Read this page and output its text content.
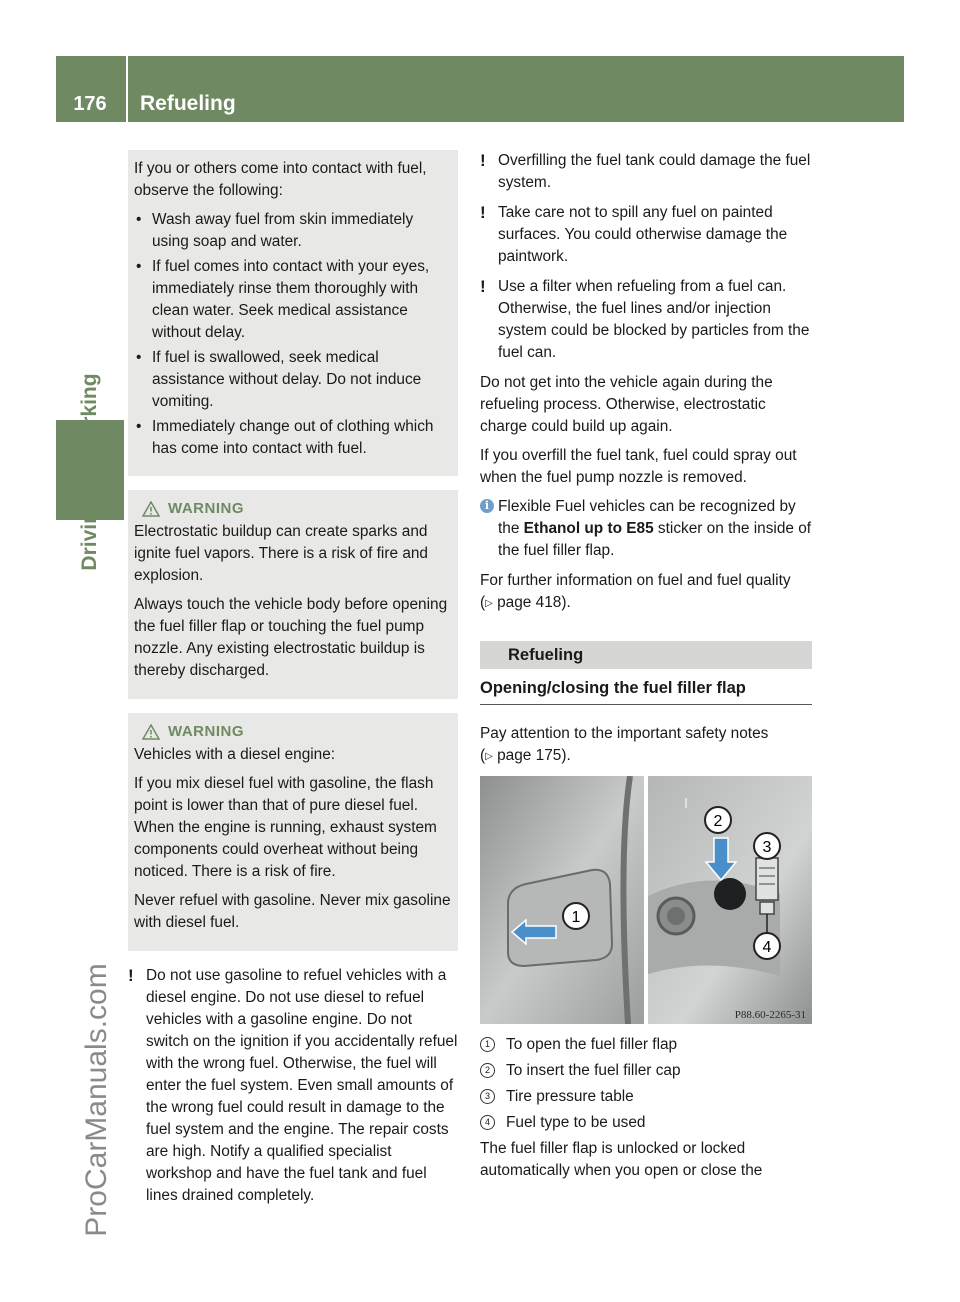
176	Refueling
Driving and parking
ProCarManuals.com

If you or others come into contact with fuel, observe the following:

• Wash away fuel from skin immediately using soap and water.
• If fuel comes into contact with your eyes, immediately rinse them thoroughly with clean water. Seek medical assistance without delay.
• If fuel is swallowed, seek medical assistance without delay. Do not induce vomiting.
• Immediately change out of clothing which has come into contact with fuel.
WARNING

Electrostatic buildup can create sparks and ignite fuel vapors. There is a risk of fire and explosion.

Always touch the vehicle body before opening the fuel filler flap or touching the fuel pump nozzle. Any existing electrostatic buildup is thereby discharged.

WARNING

Vehicles with a diesel engine:

If you mix diesel fuel with gasoline, the flash point is lower than that of pure diesel fuel. When the engine is running, exhaust system components could overheat without being noticed. There is a risk of fire.

Never refuel with gasoline. Never mix gasoline with diesel fuel.

! Do not use gasoline to refuel vehicles with a diesel engine. Do not use diesel to refuel vehicles with a gasoline engine. Do not switch on the ignition if you accidentally refuel with the wrong fuel. Otherwise, the fuel will enter the fuel system. Even small amounts of the wrong fuel could result in damage to the fuel system and the engine. The repair costs are high. Notify a qualified specialist workshop and have the fuel tank and fuel lines drained completely.
! Overfilling the fuel tank could damage the fuel system.
! Take care not to spill any fuel on painted surfaces. You could otherwise damage the paintwork.
! Use a filter when refueling from a fuel can. Otherwise, the fuel lines and/or injection system could be blocked by particles from the fuel can.

Do not get into the vehicle again during the refueling process. Otherwise, electrostatic charge could build up again.

If you overfill the fuel tank, fuel could spray out when the fuel pump nozzle is removed.

i Flexible Fuel vehicles can be recognized by the Ethanol up to E85 sticker on the inside of the fuel filler flap.

For further information on fuel and fuel quality
(▷ page 418).

Refueling
Opening/closing the fuel filler flap

Pay attention to the important safety notes
(▷ page 175).

1
2
3
4
P88.60-2265-31
1	To open the fuel filler flap
2	To insert the fuel filler cap
3	Tire pressure table
4	Fuel type to be used

The fuel filler flap is unlocked or locked automatically when you open or close the
